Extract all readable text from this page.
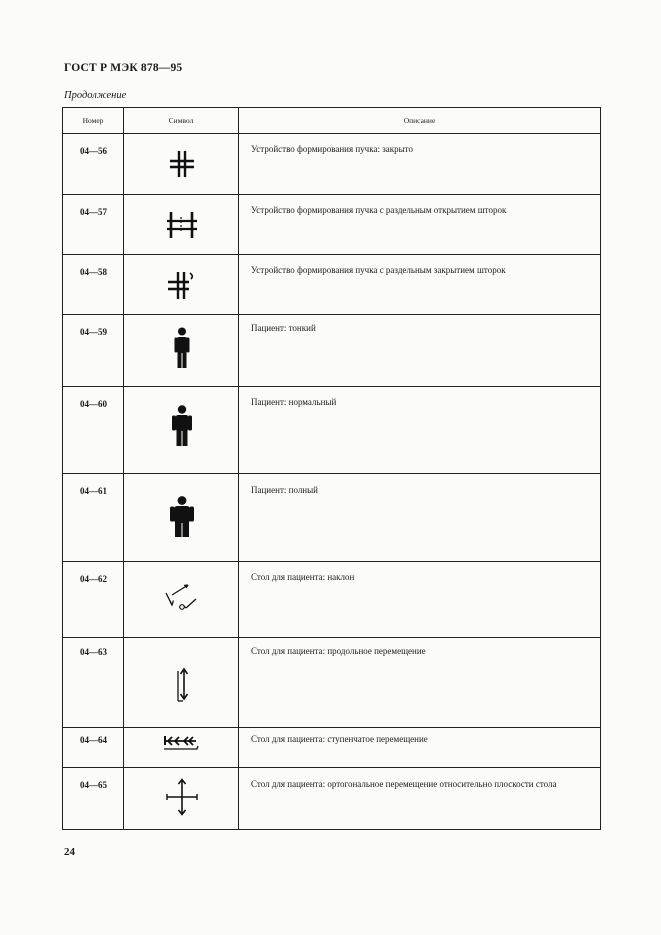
ГОСТ Р МЭК 878—95
Продолжение
Номер	Символ	Описание
04—56	Устройство формирования пучка: закрыто
04—57	Устройство формирования пучка с раздельным открытием шторок
04—58	Устройство формирования пучка с раздельным закрытием шторок
04—59	Пациент: тонкий
04—60	Пациент: нормальный
04—61	Пациент: полный
04—62	Стол для пациента: наклон
04—63	Стол для пациента: продольное перемещение
04—64	Стол для пациента: ступенчатое перемещение
04—65	Стол для пациента: ортогональное перемещение относительно плоскости стола
24
